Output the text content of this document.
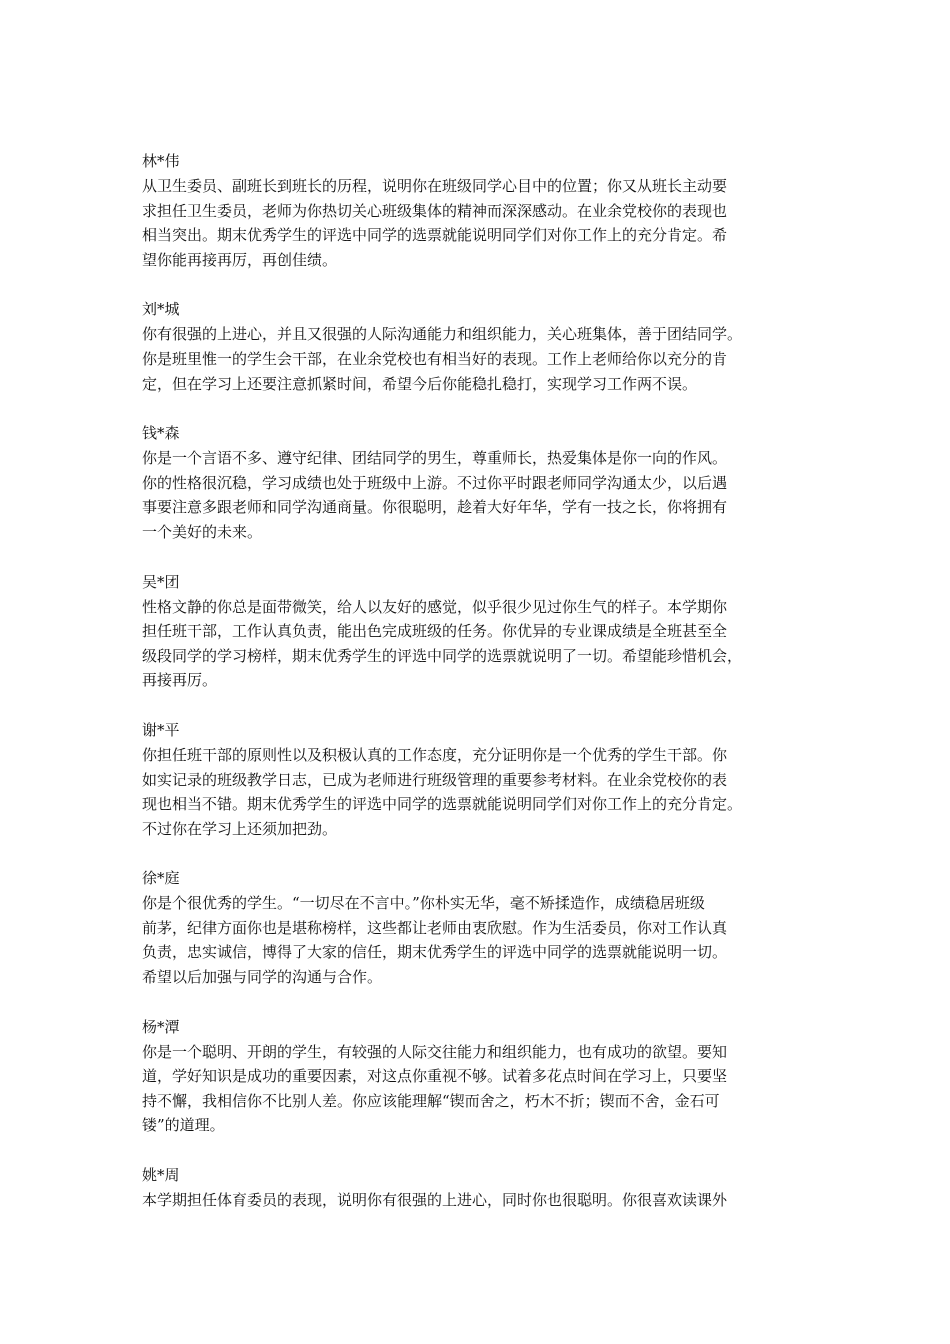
林*伟

从卫生委员、副班长到班长的历程，说明你在班级同学心目中的位置；你又从班长主动要
求担任卫生委员，老师为你热切关心班级集体的精神而深深感动。在业余党校你的表现也
相当突出。期末优秀学生的评选中同学的选票就能说明同学们对你工作上的充分肯定。希
望你能再接再厉，再创佳绩。

刘*城

你有很强的上进心，并且又很强的人际沟通能力和组织能力，关心班集体，善于团结同学。
你是班里惟一的学生会干部，在业余党校也有相当好的表现。工作上老师给你以充分的肯
定，但在学习上还要注意抓紧时间，希望今后你能稳扎稳打，实现学习工作两不误。

钱*森

你是一个言语不多、遵守纪律、团结同学的男生，尊重师长，热爱集体是你一向的作风。
你的性格很沉稳，学习成绩也处于班级中上游。不过你平时跟老师同学沟通太少，以后遇
事要注意多跟老师和同学沟通商量。你很聪明，趁着大好年华，学有一技之长，你将拥有
一个美好的未来。

吴*团

性格文静的你总是面带微笑，给人以友好的感觉，似乎很少见过你生气的样子。本学期你
担任班干部，工作认真负责，能出色完成班级的任务。你优异的专业课成绩是全班甚至全
级段同学的学习榜样，期末优秀学生的评选中同学的选票就说明了一切。希望能珍惜机会，
再接再厉。

谢*平

你担任班干部的原则性以及积极认真的工作态度，充分证明你是一个优秀的学生干部。你
如实记录的班级教学日志，已成为老师进行班级管理的重要参考材料。在业余党校你的表
现也相当不错。期末优秀学生的评选中同学的选票就能说明同学们对你工作上的充分肯定。
不过你在学习上还须加把劲。

徐*庭

你是个很优秀的学生。“一切尽在不言中。”你朴实无华，毫不矫揉造作，成绩稳居班级
前茅，纪律方面你也是堪称榜样，这些都让老师由衷欣慰。作为生活委员，你对工作认真
负责，忠实诚信，博得了大家的信任，期末优秀学生的评选中同学的选票就能说明一切。
希望以后加强与同学的沟通与合作。

杨*潭

你是一个聪明、开朗的学生，有较强的人际交往能力和组织能力，也有成功的欲望。要知
道，学好知识是成功的重要因素，对这点你重视不够。试着多花点时间在学习上，只要坚
持不懈，我相信你不比别人差。你应该能理解“锲而舍之，朽木不折；锲而不舍，金石可
镂”的道理。

姚*周

本学期担任体育委员的表现，说明你有很强的上进心，同时你也很聪明。你很喜欢读课外
